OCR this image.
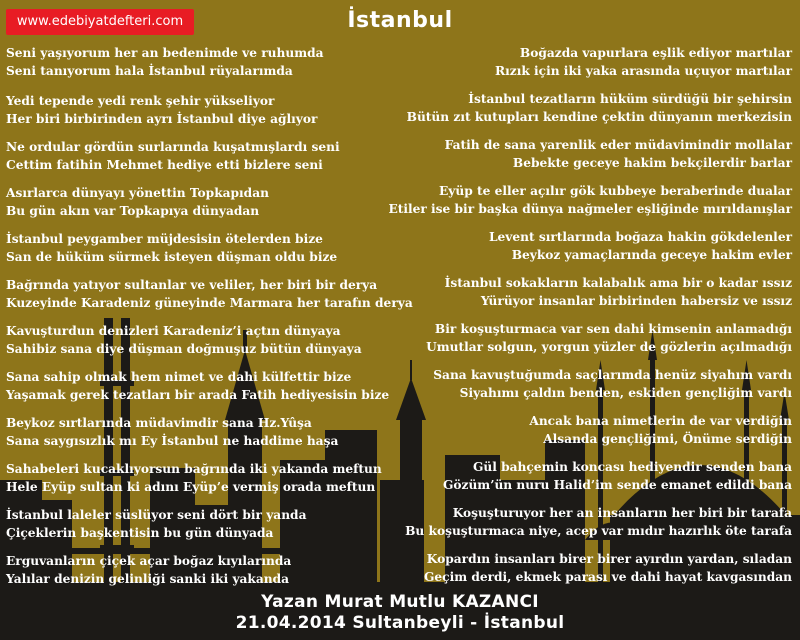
www.edebiyatdefteri.com	İstanbul
Seni yaşıyorum her an bedenimde ve ruhumda
Seni tanıyorum hala İstanbul rüyalarımda
Yedi tepende yedi renk şehir yükseliyor
Her biri birbirinden ayrı İstanbul diye ağlıyor
Ne ordular gördün surlarında kuşatmışlardı seni
Cettim fatihin Mehmet hediye etti bizlere seni
Asırlarca dünyayı yönettin Topkapıdan
Bu gün akın var Topkapıya dünyadan
İstanbul peygamber müjdesisin ötelerden bize
San de hüküm sürmek isteyen düşman oldu bize
Bağrında yatıyor sultanlar ve veliler, her biri bir derya
Kuzeyinde Karadeniz güneyinde Marmara her tarafın derya
Kavuşturdun denizleri Karadeniz’i açtın dünyaya
Sahibiz sana diye düşman doğmuşuz bütün dünyaya
Sana sahip olmak hem nimet ve dahi külfettir bize
Yaşamak gerek tezatları bir arada Fatih hediyesisin bize
Beykoz sırtlarında müdavimdir sana Hz.Yûşa
Sana saygısızlık mı Ey İstanbul ne haddime haşa
Sahabeleri kucaklıyorsun bağrında iki yakanda meftun
Hele Eyüp sultan ki adını Eyüp’e vermiş orada meftun
İstanbul laleler süslüyor seni dört bir yanda
Çiçeklerin başkentisin bu gün dünyada
Erguvanların çiçek açar boğaz kıyılarında
Yalılar denizin gelinliği sanki iki yakanda
Boğazda vapurlara eşlik ediyor martılar
Rızık için iki yaka arasında uçuyor martılar
İstanbul tezatların hüküm sürdüğü bir şehirsin
Bütün zıt kutupları kendine çektin dünyanın merkezisin
Fatih de sana yarenlik eder müdavimindir mollalar
Bebekte geceye hakim bekçilerdir barlar
Eyüp te eller açılır gök kubbeye beraberinde dualar
Etiler ise bir başka dünya nağmeler eşliğinde mırıldanışlar
Levent sırtlarında boğaza hakin gökdelenler
Beykoz yamaçlarında geceye hakim evler
İstanbul sokakların kalabalık ama bir o kadar ıssız
Yürüyor insanlar birbirinden habersiz ve ıssız
Bir koşuşturmaca var sen dahi kimsenin anlamadığı
Umutlar solgun, yorgun yüzler de gözlerin açılmadığı
Sana kavuştuğumda saçlarımda henüz siyahım vardı
Siyahımı çaldın benden, eskiden gençliğim vardı
Ancak bana nimetlerin de var verdiğin
Alsanda gençliğimi, Önüme serdiğin
Gül bahçemin koncası hediyendir senden bana
Gözüm’ün nuru Halid’im sende emanet edildi bana
Koşuşturuyor her an insanların her biri bir tarafa
Bu koşuşturmaca niye, acep var mıdır hazırlık öte tarafa
Kopardın insanları birer birer ayırdın yardan, sıladan
Geçim derdi, ekmek parası ve dahi hayat kavgasından
Yazan Murat Mutlu KAZANCI
21.04.2014 Sultanbeyli - İstanbul
